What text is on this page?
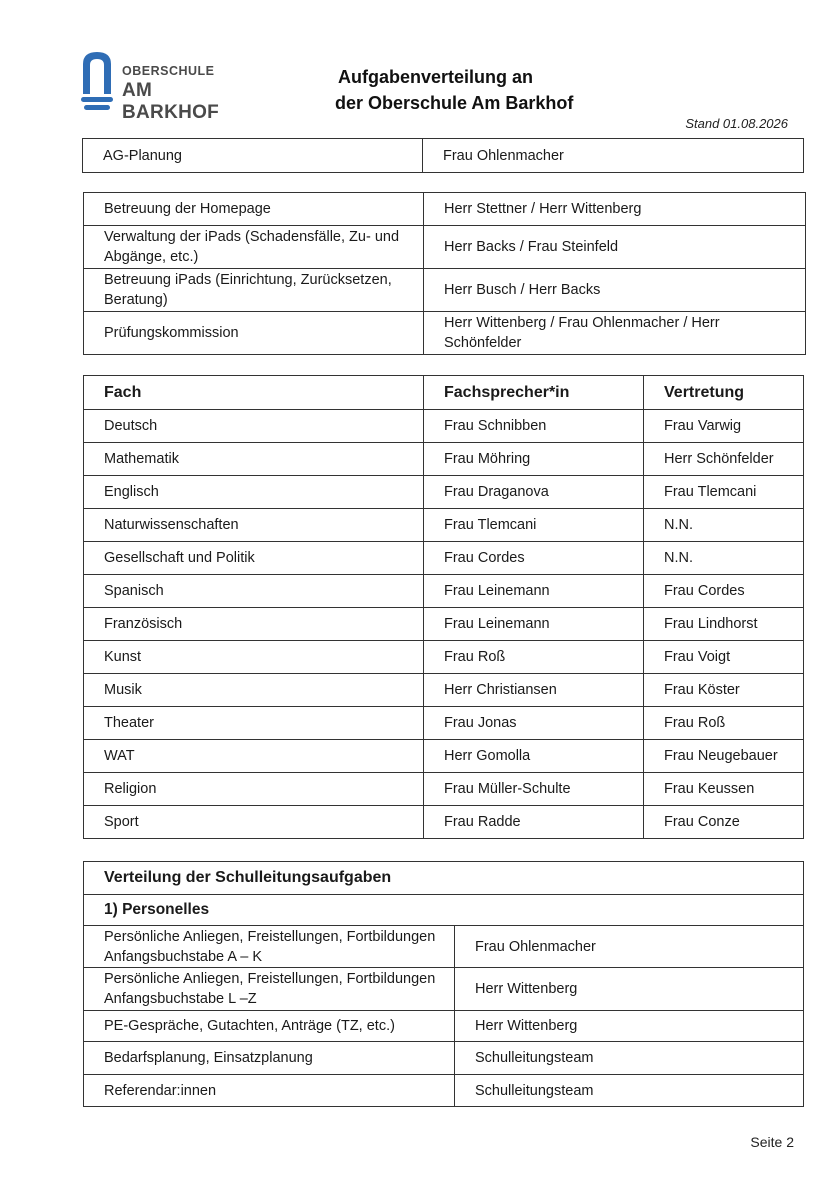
OBERSCHULE
AM BARKHOF
Aufgabenverteilung an
der Oberschule Am Barkhof
Stand 01.08.2026
AG-Planung	Frau Ohlenmacher
Betreuung der Homepage	Herr Stettner / Herr Wittenberg
Verwaltung der iPads (Schadensfälle, Zu- und Abgänge, etc.)	Herr Backs / Frau Steinfeld
Betreuung iPads (Einrichtung, Zurücksetzen, Beratung)	Herr Busch / Herr Backs
Prüfungskommission	Herr Wittenberg / Frau Ohlenmacher / Herr Schönfelder
Fach	Fachsprecher*in	Vertretung
Deutsch	Frau Schnibben	Frau Varwig
Mathematik	Frau Möhring	Herr Schönfelder
Englisch	Frau Draganova	Frau Tlemcani
Naturwissenschaften	Frau Tlemcani	N.N.
Gesellschaft und Politik	Frau Cordes	N.N.
Spanisch	Frau Leinemann	Frau Cordes
Französisch	Frau Leinemann	Frau Lindhorst
Kunst	Frau Roß	Frau Voigt
Musik	Herr Christiansen	Frau Köster
Theater	Frau Jonas	Frau Roß
WAT	Herr Gomolla	Frau Neugebauer
Religion	Frau Müller-Schulte	Frau Keussen
Sport	Frau Radde	Frau Conze
Verteilung der Schulleitungsaufgaben	
1) Personelles	
Persönliche Anliegen, Freistellungen, Fortbildungen Anfangsbuchstabe A – K	Frau Ohlenmacher
Persönliche Anliegen, Freistellungen, Fortbildungen Anfangsbuchstabe L –Z	Herr Wittenberg
PE-Gespräche, Gutachten, Anträge (TZ, etc.)	Herr Wittenberg
Bedarfsplanung, Einsatzplanung	Schulleitungsteam
Referendar:innen	Schulleitungsteam
Seite 2
